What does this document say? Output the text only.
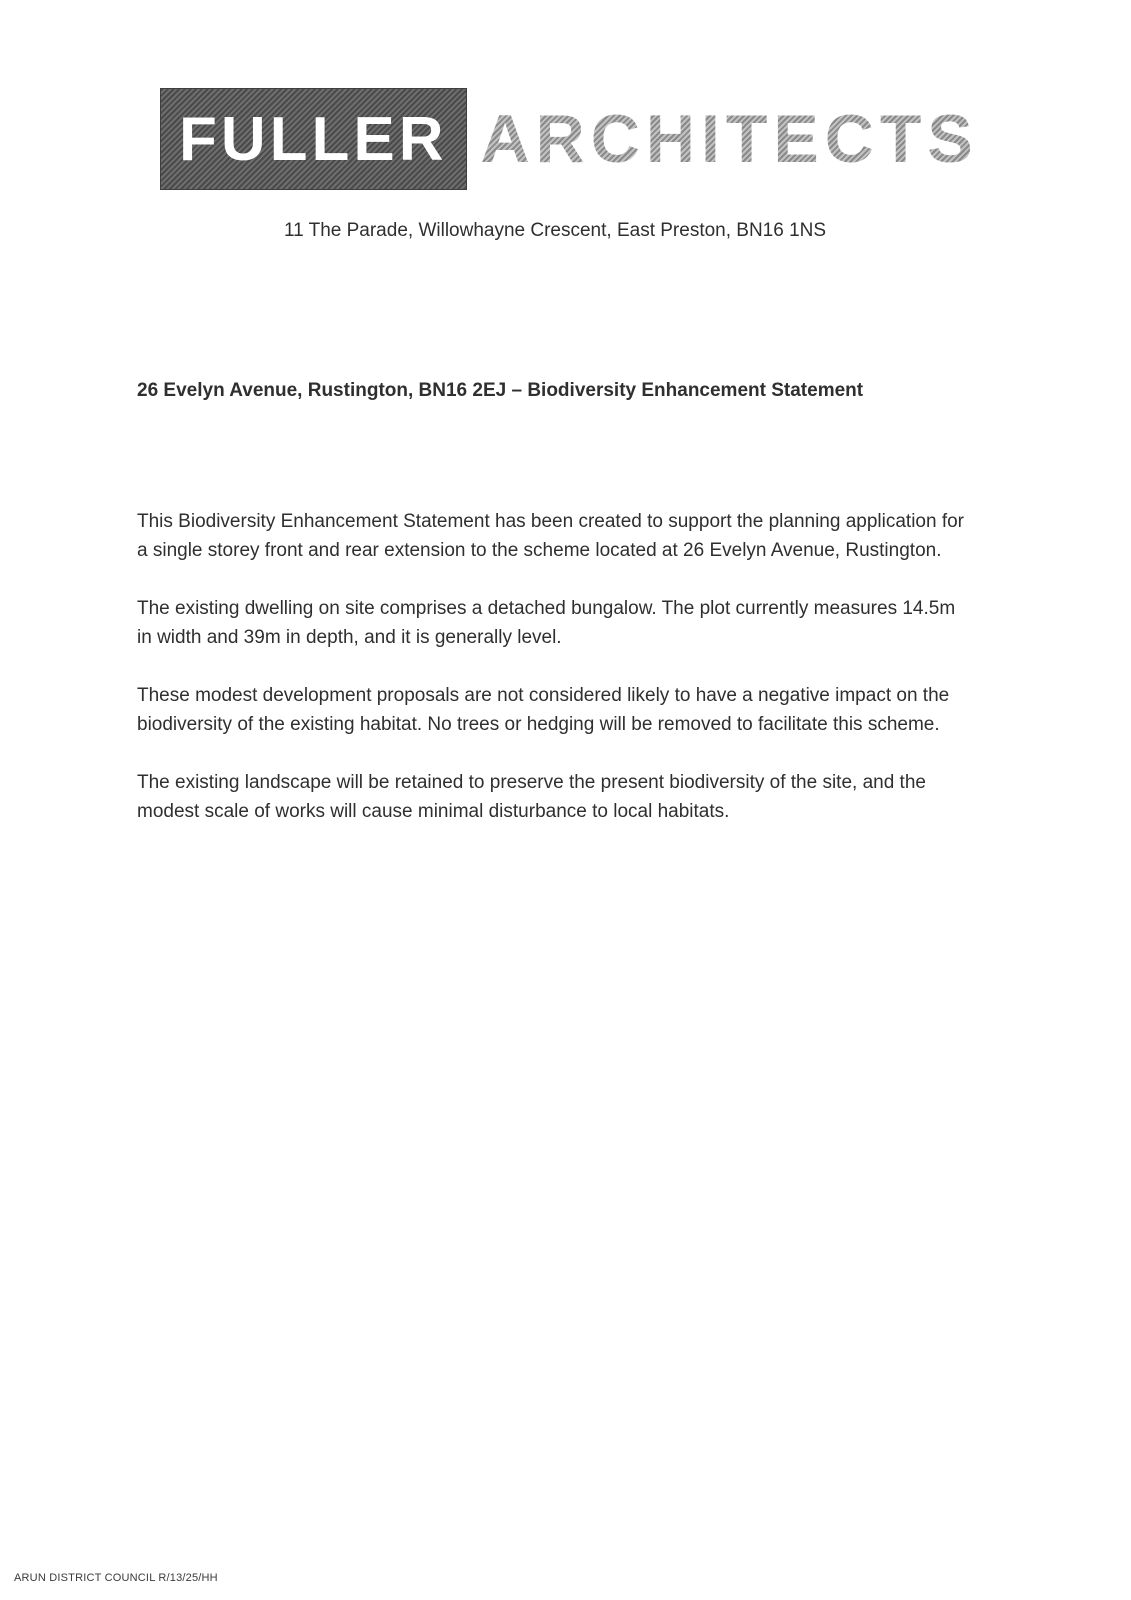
FULLER ARCHITECTS
11 The Parade, Willowhayne Crescent, East Preston, BN16 1NS
26 Evelyn Avenue, Rustington, BN16 2EJ – Biodiversity Enhancement Statement

This Biodiversity Enhancement Statement has been created to support the planning application for a single storey front and rear extension to the scheme located at 26 Evelyn Avenue, Rustington.

The existing dwelling on site comprises a detached bungalow. The plot currently measures 14.5m in width and 39m in depth, and it is generally level.

These modest development proposals are not considered likely to have a negative impact on the biodiversity of the existing habitat. No trees or hedging will be removed to facilitate this scheme.

The existing landscape will be retained to preserve the present biodiversity of the site, and the modest scale of works will cause minimal disturbance to local habitats.

ARUN DISTRICT COUNCIL R/13/25/HH
